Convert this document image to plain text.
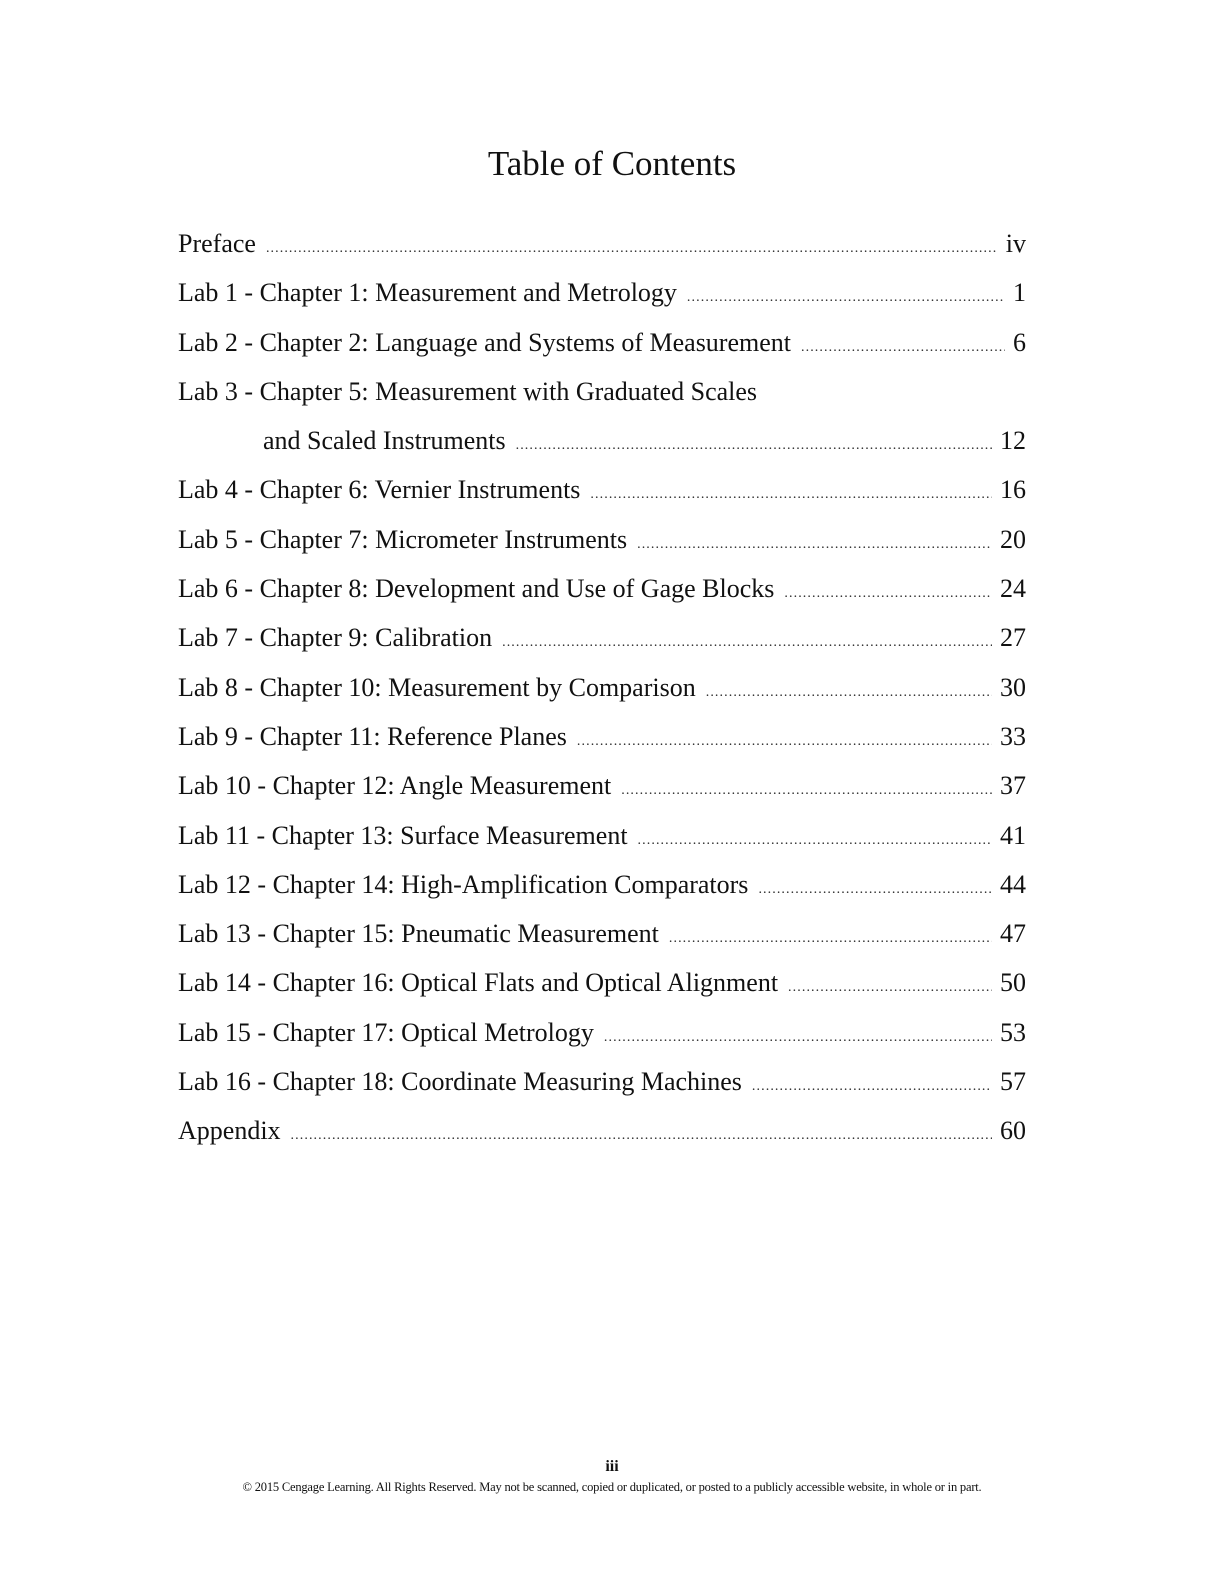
Table of Contents
Preface .....	iv
Lab 1 - Chapter 1: Measurement and Metrology .....	1
Lab 2 - Chapter 2: Language and Systems of Measurement .....	6
Lab 3 - Chapter 5: Measurement with Graduated Scales
and Scaled Instruments .....	12
Lab 4 - Chapter 6: Vernier Instruments .....	16
Lab 5 - Chapter 7: Micrometer Instruments .....	20
Lab 6 - Chapter 8: Development and Use of Gage Blocks .....	24
Lab 7 - Chapter 9: Calibration .....	27
Lab 8 - Chapter 10: Measurement by Comparison .....	30
Lab 9 - Chapter 11: Reference Planes .....	33
Lab 10 - Chapter 12: Angle Measurement .....	37
Lab 11 - Chapter 13: Surface Measurement .....	41
Lab 12 - Chapter 14: High-Amplification Comparators .....	44
Lab 13 - Chapter 15: Pneumatic Measurement .....	47
Lab 14 - Chapter 16: Optical Flats and Optical Alignment .....	50
Lab 15 - Chapter 17: Optical Metrology .....	53
Lab 16 - Chapter 18: Coordinate Measuring Machines .....	57
Appendix .....	60
iii
© 2015 Cengage Learning. All Rights Reserved. May not be scanned, copied or duplicated, or posted to a publicly accessible website, in whole or in part.
